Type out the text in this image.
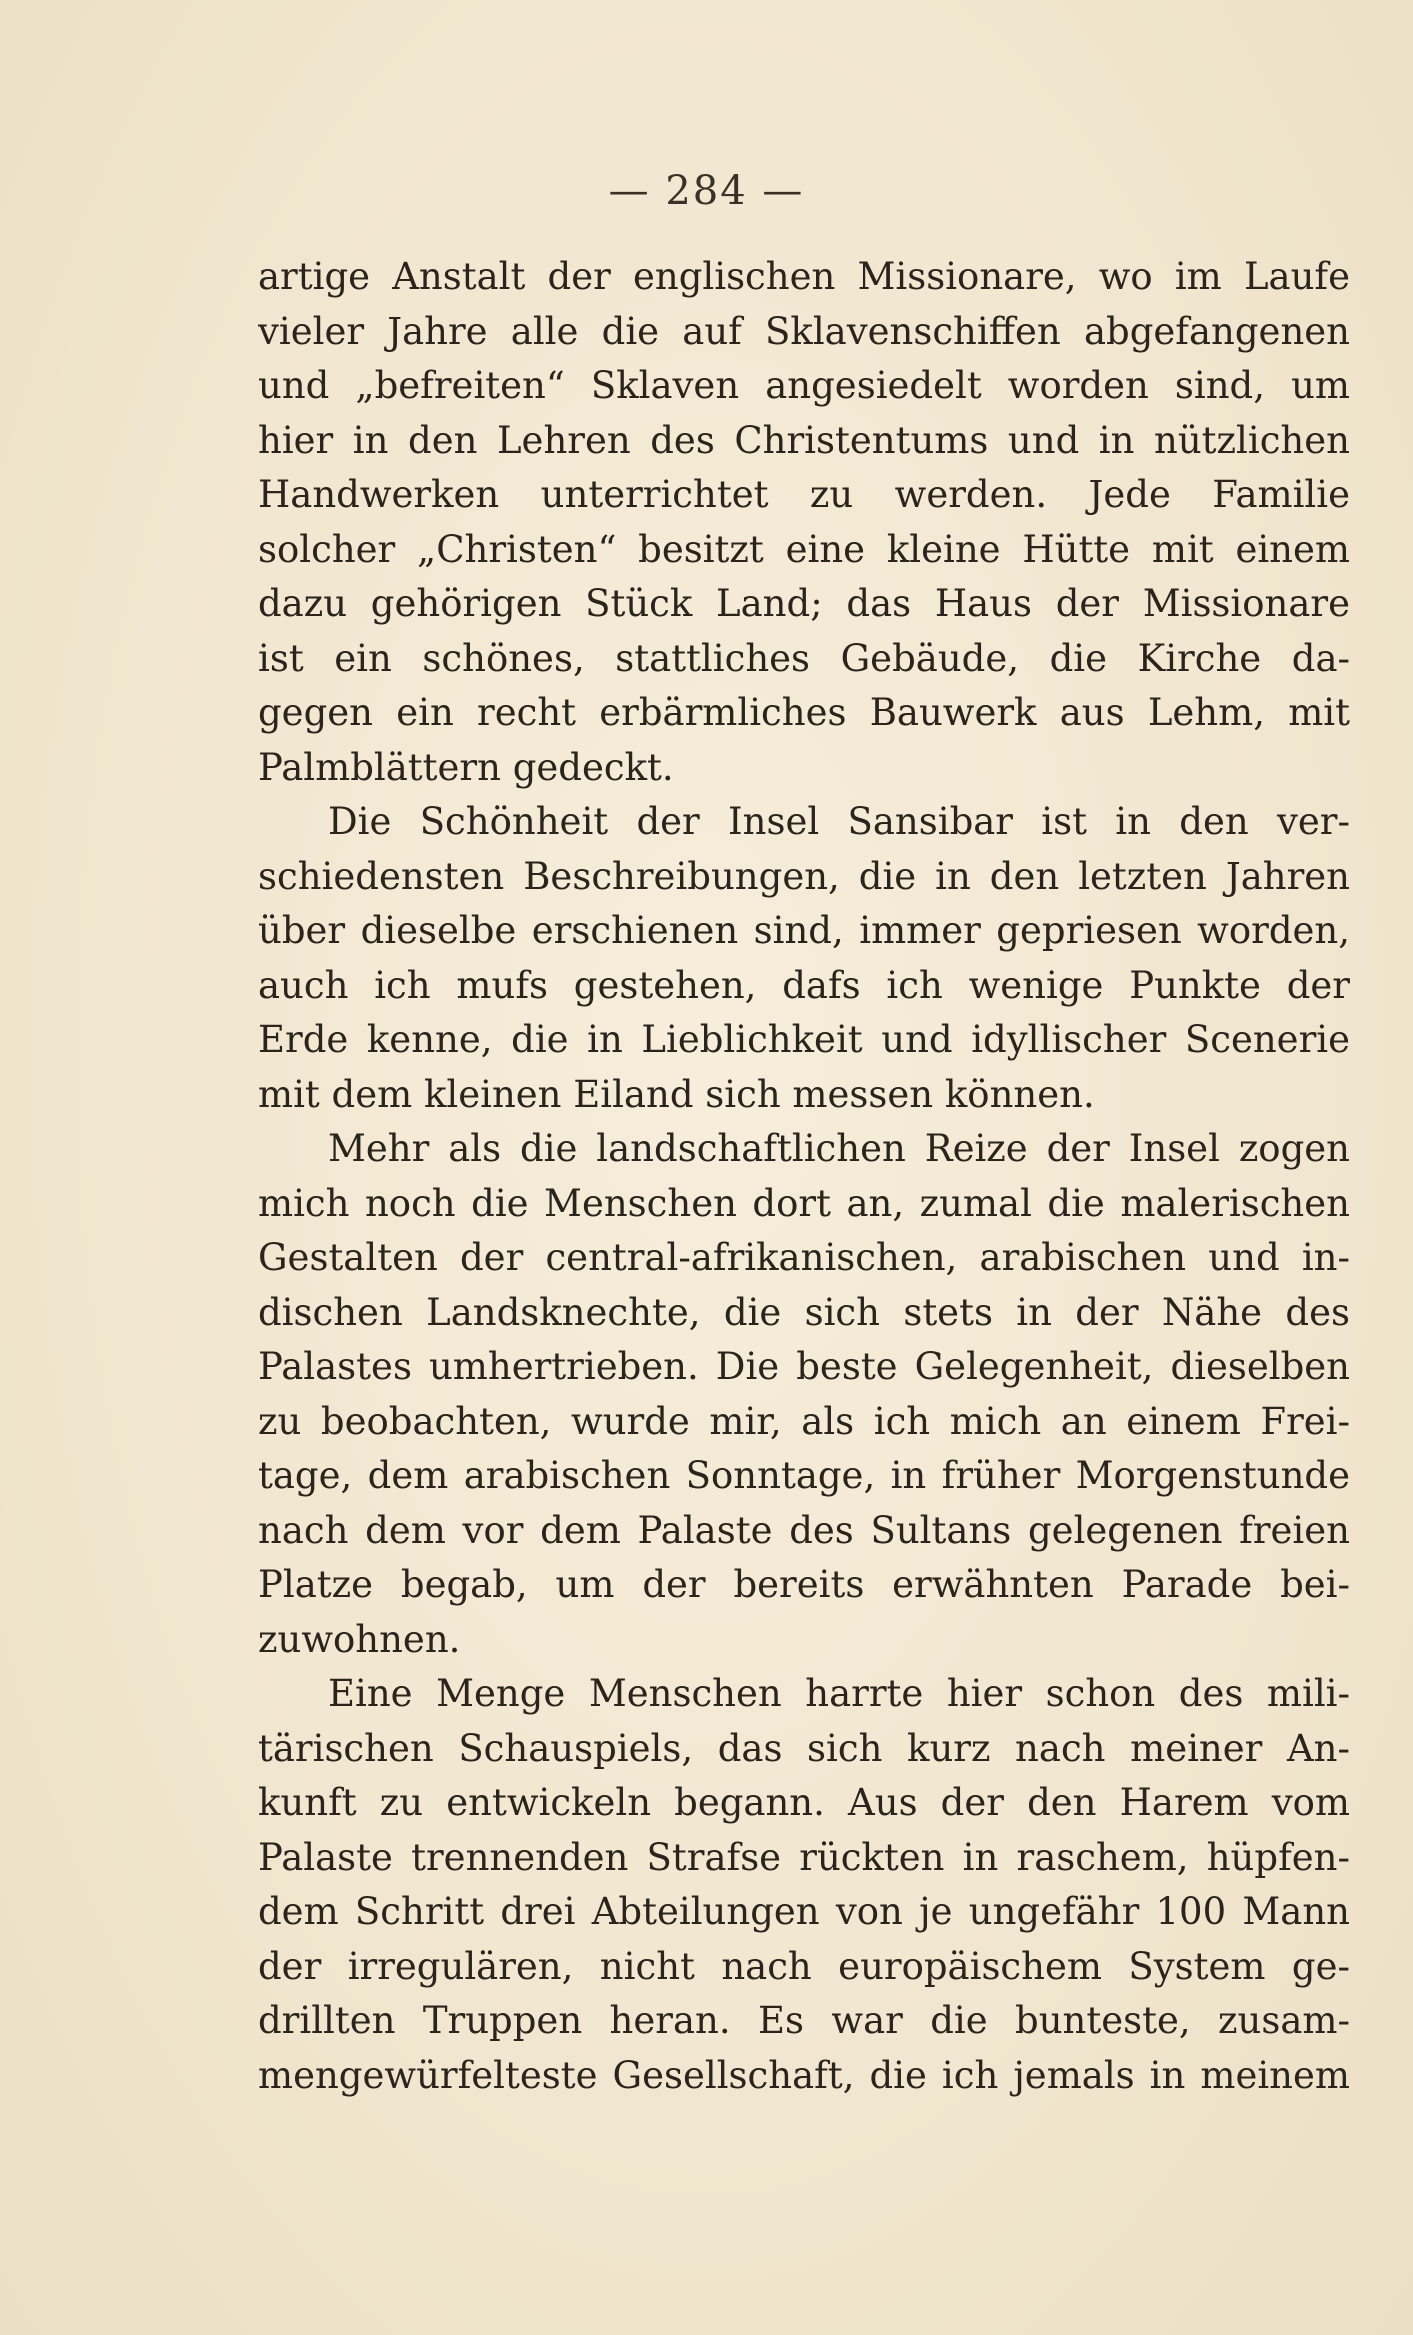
— 284 —
artige Anstalt der englischen Missionare, wo im Laufe
vieler Jahre alle die auf Sklavenschiffen abgefangenen
und „befreiten“ Sklaven angesiedelt worden sind, um
hier in den Lehren des Christentums und in nützlichen
Handwerken unterrichtet zu werden. Jede Familie
solcher „Christen“ besitzt eine kleine Hütte mit einem
dazu gehörigen Stück Land; das Haus der Missionare
ist ein schönes, stattliches Gebäude, die Kirche da-
gegen ein recht erbärmliches Bauwerk aus Lehm, mit
Palmblättern gedeckt.
Die Schönheit der Insel Sansibar ist in den ver-
schiedensten Beschreibungen, die in den letzten Jahren
über dieselbe erschienen sind, immer gepriesen worden,
auch ich mufs gestehen, dafs ich wenige Punkte der
Erde kenne, die in Lieblichkeit und idyllischer Scenerie
mit dem kleinen Eiland sich messen können.
Mehr als die landschaftlichen Reize der Insel zogen
mich noch die Menschen dort an, zumal die malerischen
Gestalten der central-afrikanischen, arabischen und in-
dischen Landsknechte, die sich stets in der Nähe des
Palastes umhertrieben. Die beste Gelegenheit, dieselben
zu beobachten, wurde mir, als ich mich an einem Frei-
tage, dem arabischen Sonntage, in früher Morgenstunde
nach dem vor dem Palaste des Sultans gelegenen freien
Platze begab, um der bereits erwähnten Parade bei-
zuwohnen.
Eine Menge Menschen harrte hier schon des mili-
tärischen Schauspiels, das sich kurz nach meiner An-
kunft zu entwickeln begann. Aus der den Harem vom
Palaste trennenden Strafse rückten in raschem, hüpfen-
dem Schritt drei Abteilungen von je ungefähr 100 Mann
der irregulären, nicht nach europäischem System ge-
drillten Truppen heran. Es war die bunteste, zusam-
mengewürfelteste Gesellschaft, die ich jemals in meinem
